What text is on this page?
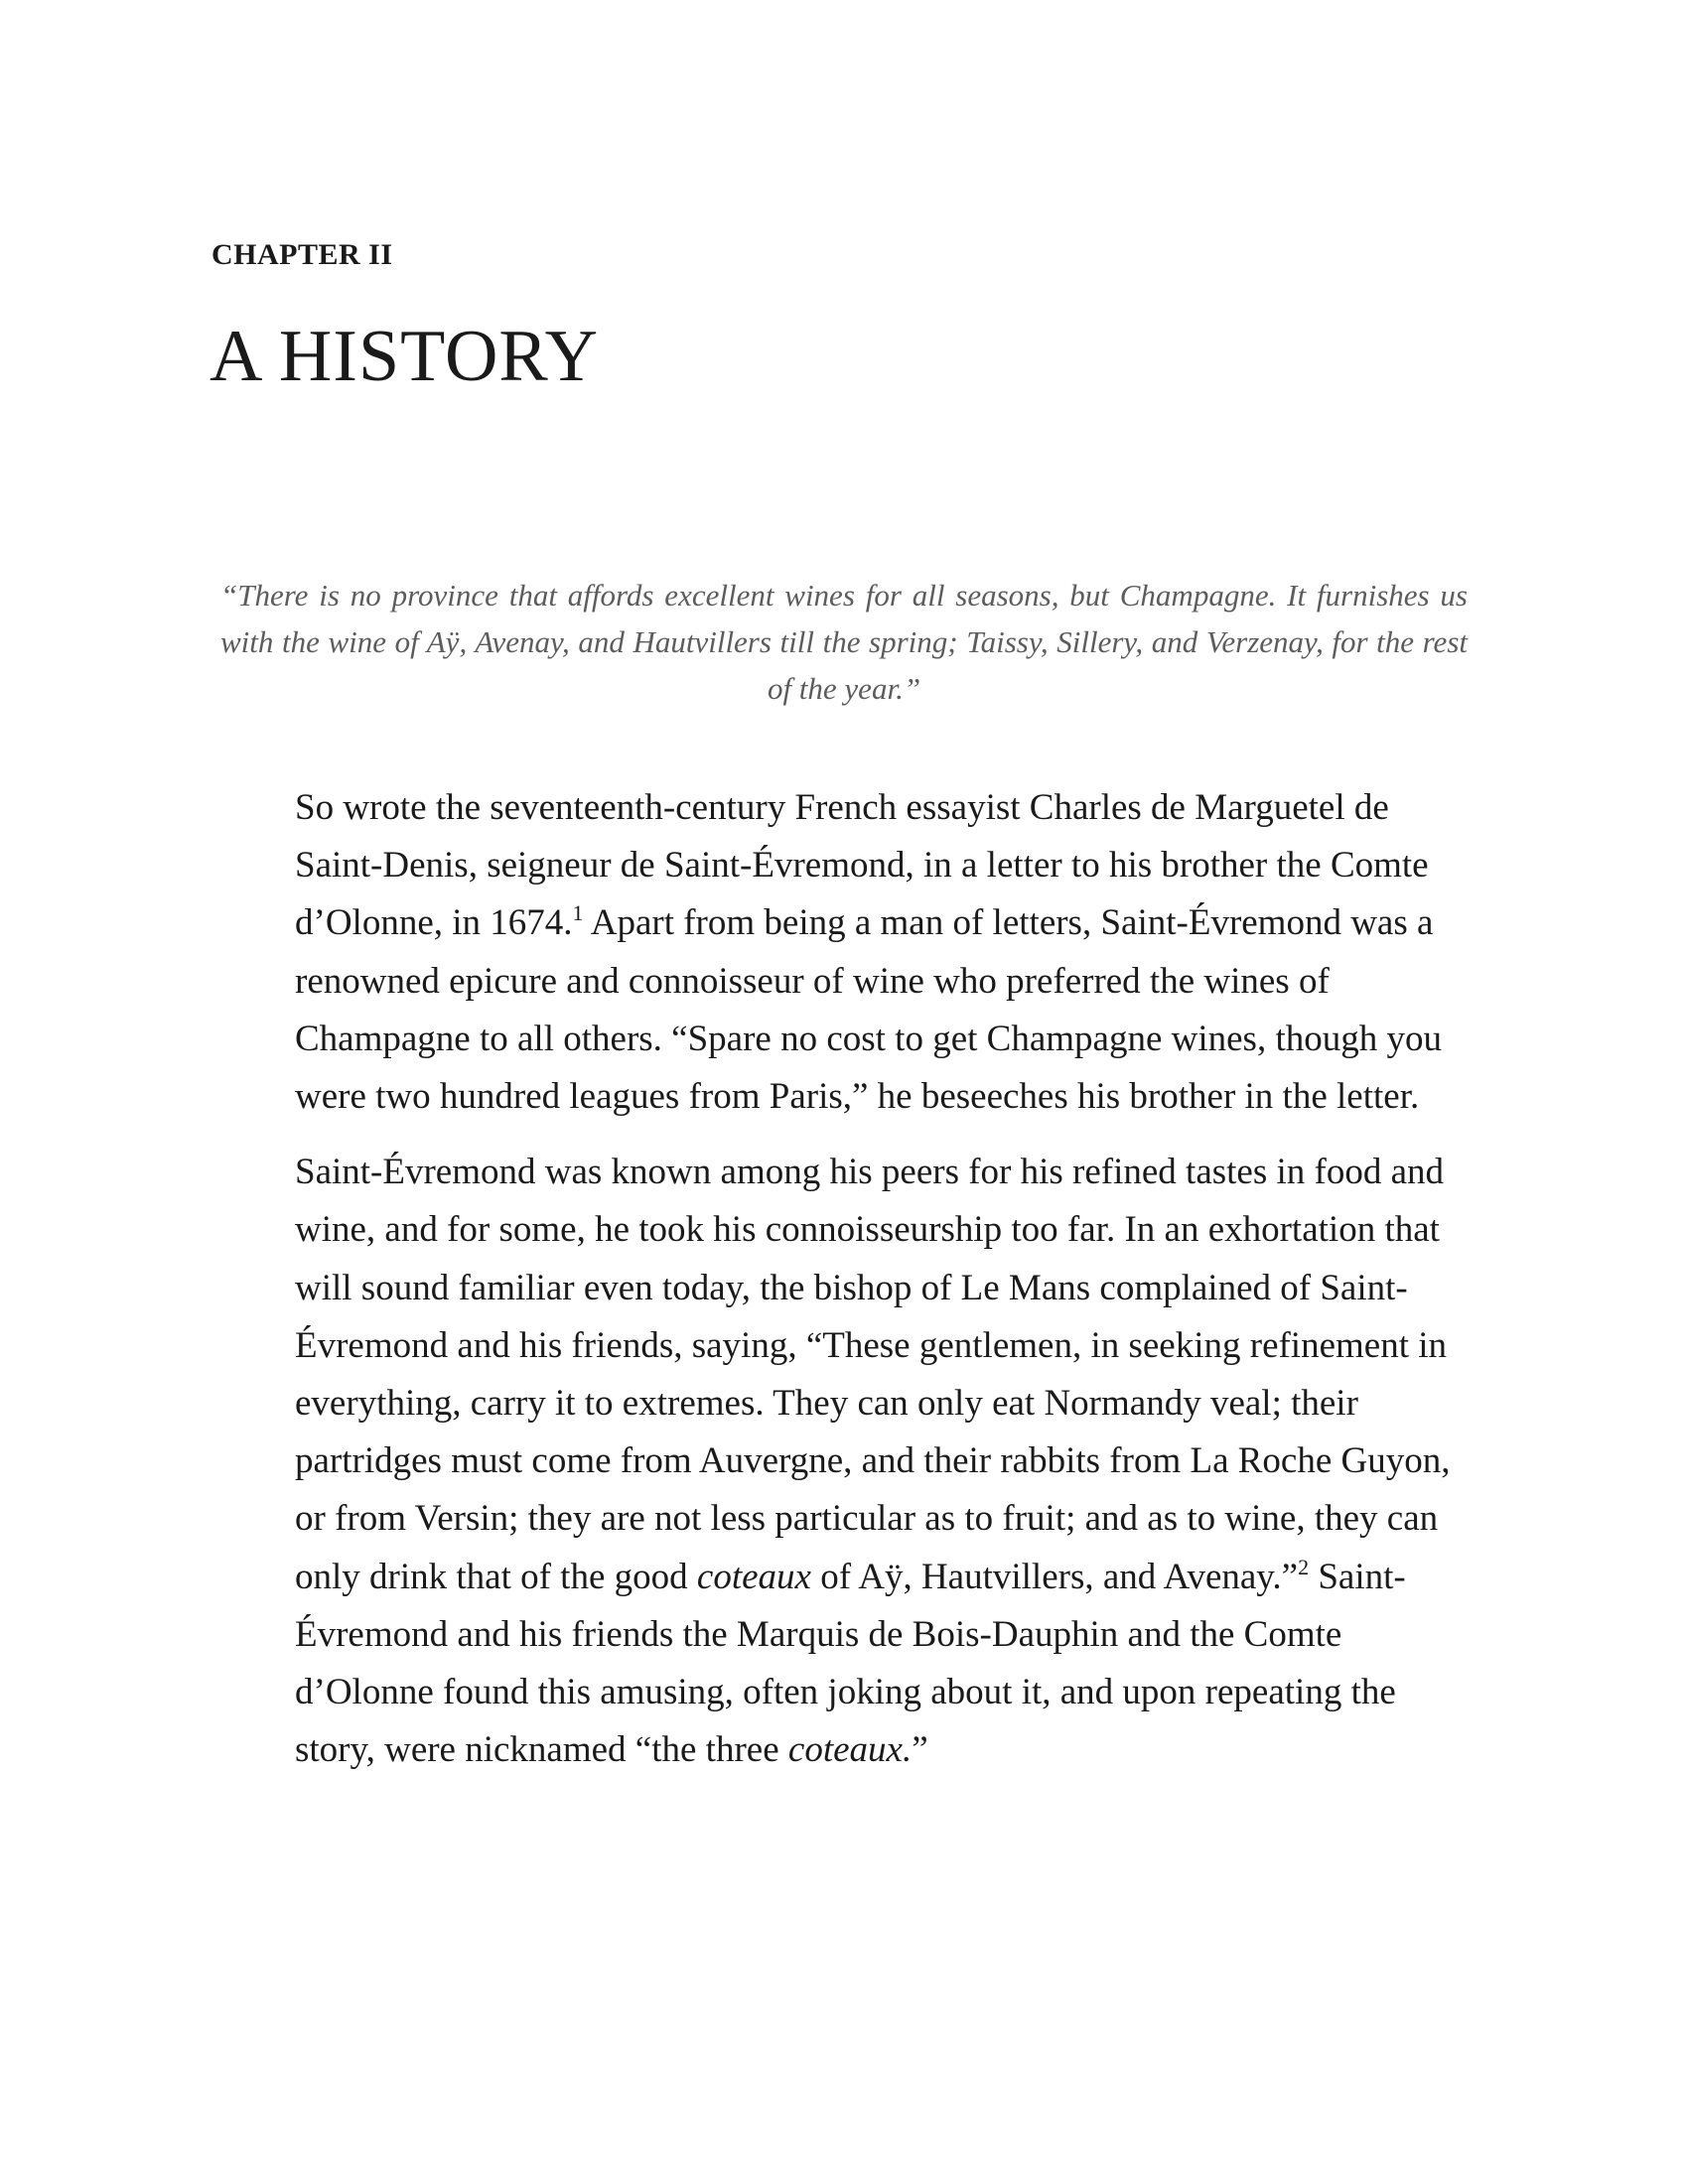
CHAPTER II
A HISTORY

“There is no province that affords excellent wines for all seasons, but Champagne. It furnishes us with the wine of Aÿ, Avenay, and Hautvillers till the spring; Taissy, Sillery, and Verzenay, for the rest of the year.”

So wrote the seventeenth-century French essayist Charles de Marguetel de Saint-Denis, seigneur de Saint-Évremond, in a letter to his brother the Comte d’Olonne, in 1674.$^1$ Apart from being a man of letters, Saint-Évremond was a renowned epicure and connoisseur of wine who preferred the wines of Champagne to all others. “Spare no cost to get Champagne wines, though you were two hundred leagues from Paris,” he beseeches his brother in the letter.

Saint-Évremond was known among his peers for his refined tastes in food and wine, and for some, he took his connoisseurship too far. In an exhortation that will sound familiar even today, the bishop of Le Mans complained of Saint-Évremond and his friends, saying, “These gentlemen, in seeking refinement in everything, carry it to extremes. They can only eat Normandy veal; their partridges must come from Auvergne, and their rabbits from La Roche Guyon, or from Versin; they are not less particular as to fruit; and as to wine, they can only drink that of the good coteaux of Aÿ, Hautvillers, and Avenay.”$^2$ Saint-Évremond and his friends the Marquis de Bois-Dauphin and the Comte d’Olonne found this amusing, often joking about it, and upon repeating the story, were nicknamed “the three coteaux.”
